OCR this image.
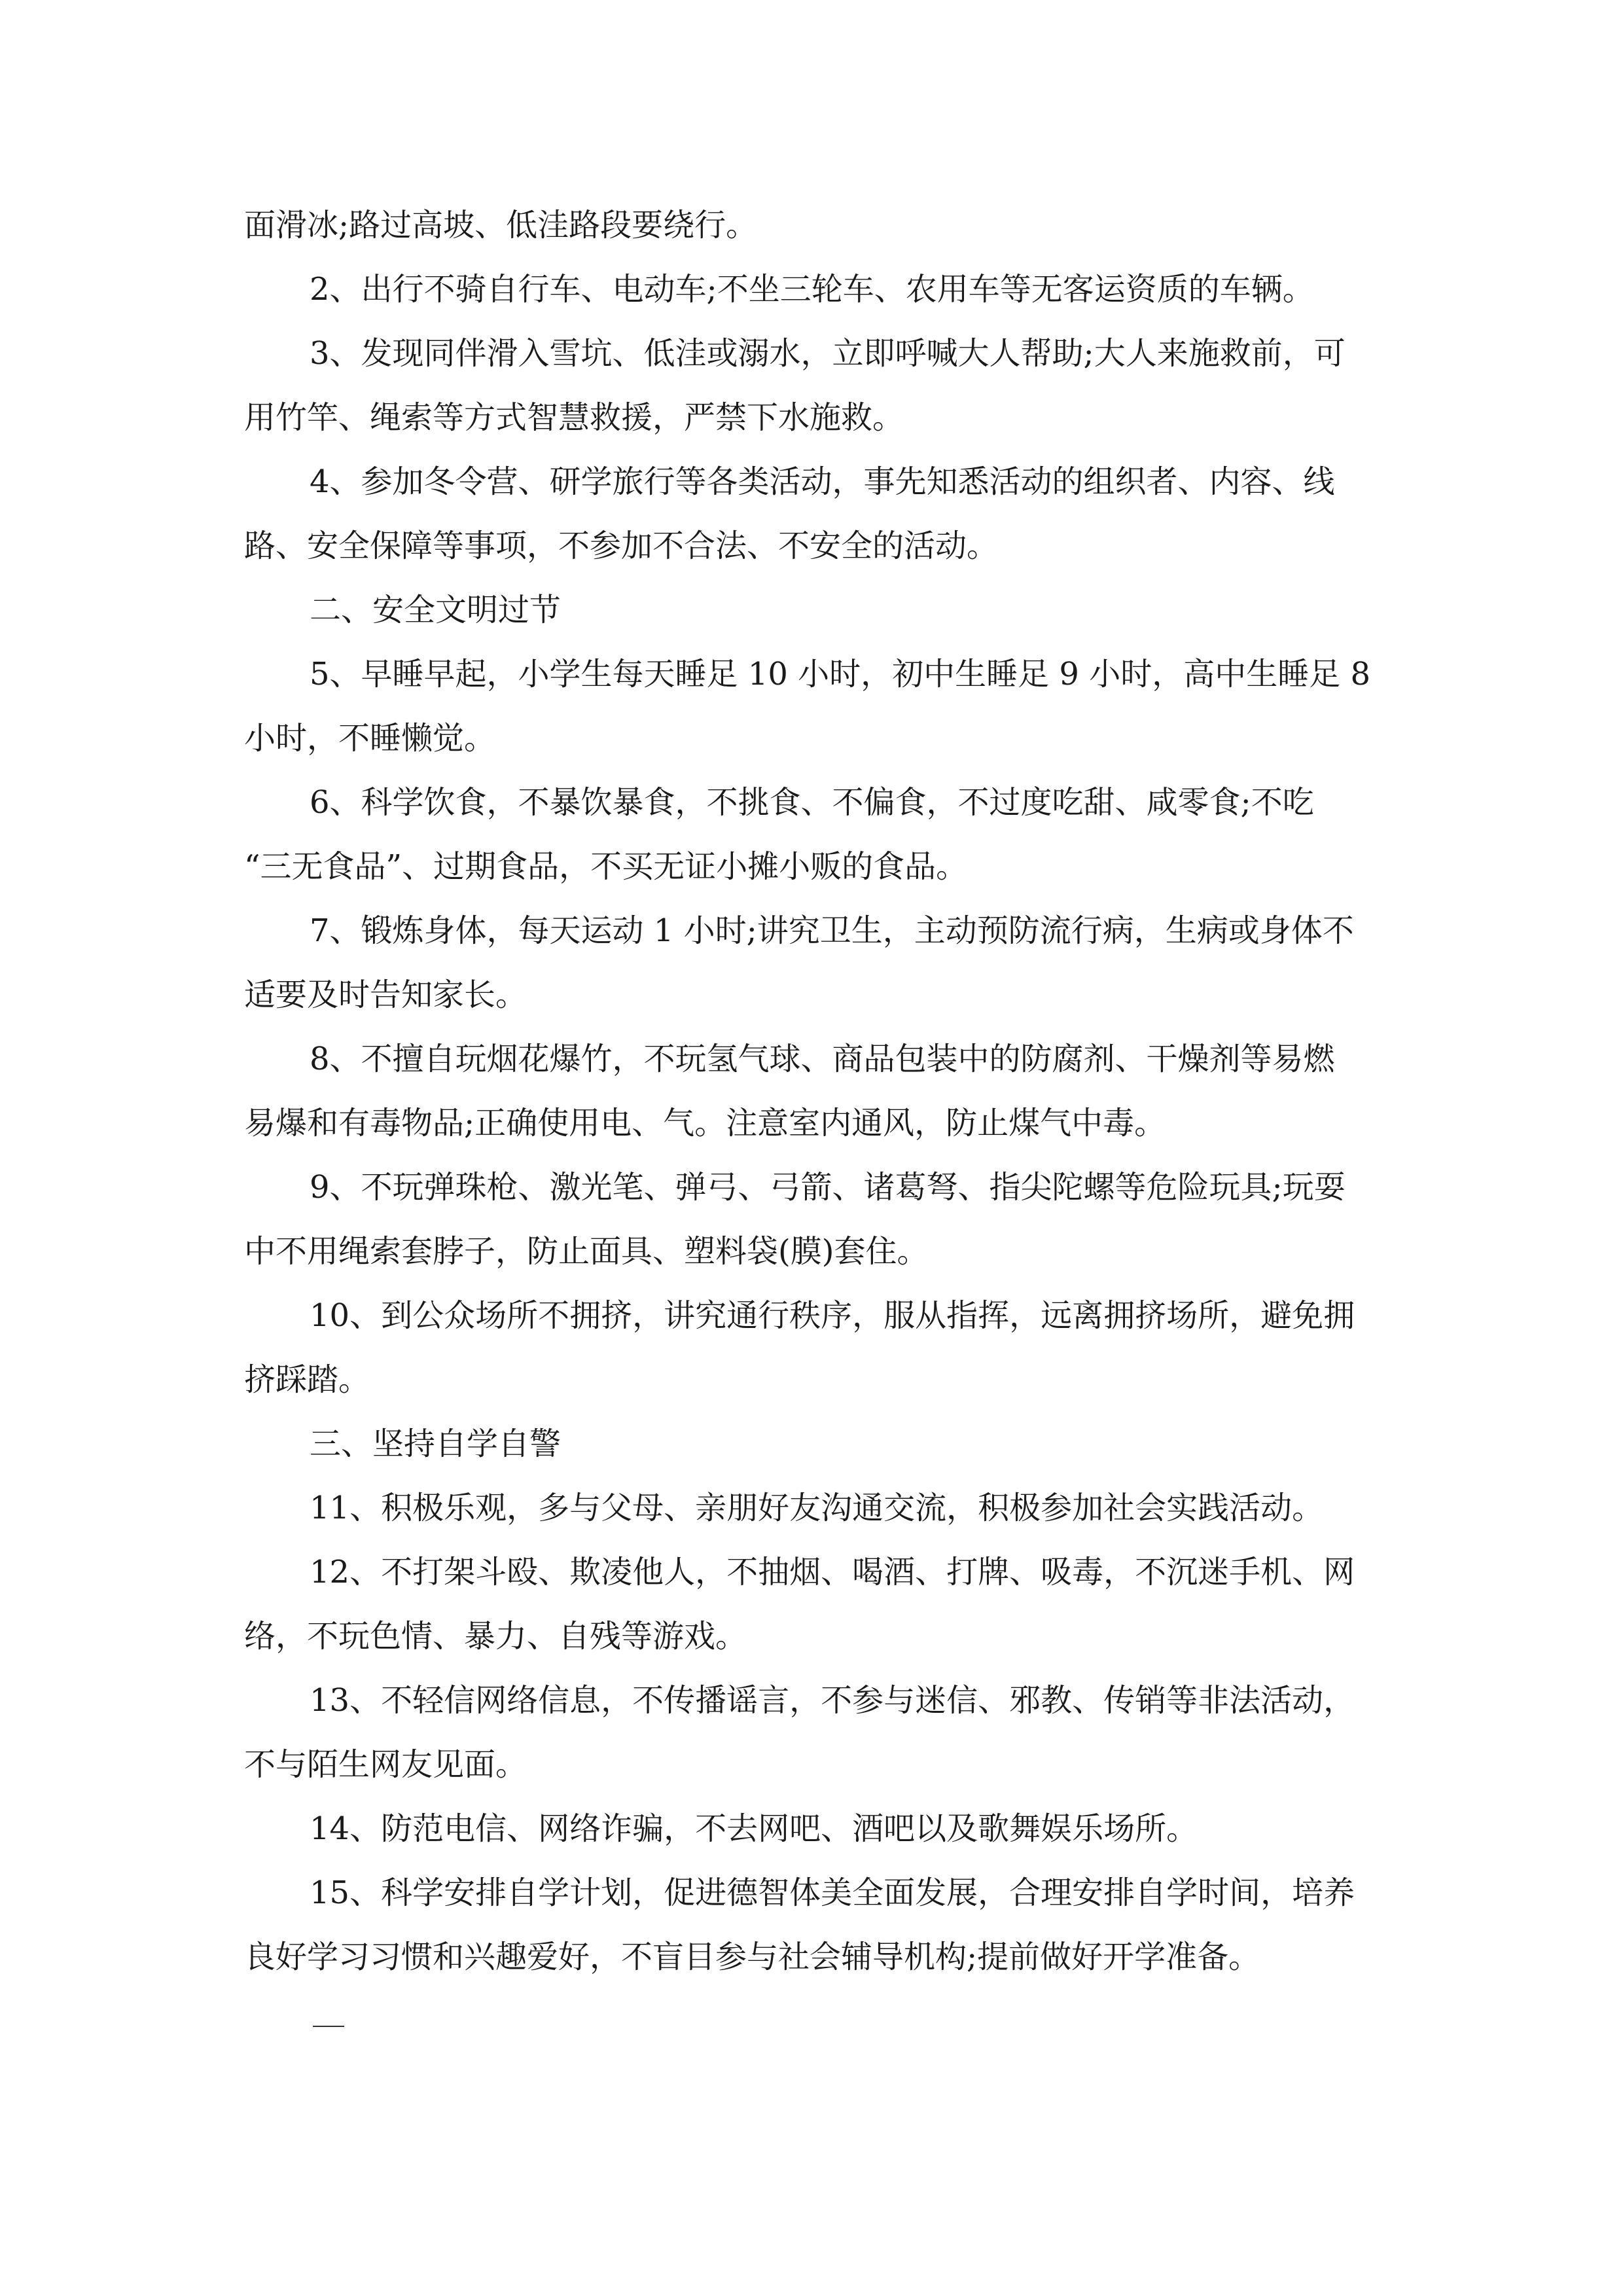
面滑冰;路过高坡、低洼路段要绕行。
2、出行不骑自行车、电动车;不坐三轮车、农用车等无客运资质的车辆。
3、发现同伴滑入雪坑、低洼或溺水，立即呼喊大人帮助;大人来施救前，可
用竹竿、绳索等方式智慧救援，严禁下水施救。
4、参加冬令营、研学旅行等各类活动，事先知悉活动的组织者、内容、线
路、安全保障等事项，不参加不合法、不安全的活动。
二、安全文明过节
5、早睡早起，小学生每天睡足 10 小时，初中生睡足 9 小时，高中生睡足 8
小时，不睡懒觉。
6、科学饮食，不暴饮暴食，不挑食、不偏食，不过度吃甜、咸零食;不吃
“三无食品”、过期食品，不买无证小摊小贩的食品。
7、锻炼身体，每天运动 1 小时;讲究卫生，主动预防流行病，生病或身体不
适要及时告知家长。
8、不擅自玩烟花爆竹，不玩氢气球、商品包装中的防腐剂、干燥剂等易燃
易爆和有毒物品;正确使用电、气。注意室内通风，防止煤气中毒。
9、不玩弹珠枪、激光笔、弹弓、弓箭、诸葛弩、指尖陀螺等危险玩具;玩耍
中不用绳索套脖子，防止面具、塑料袋(膜)套住。
10、到公众场所不拥挤，讲究通行秩序，服从指挥，远离拥挤场所，避免拥
挤踩踏。
三、坚持自学自警
11、积极乐观，多与父母、亲朋好友沟通交流，积极参加社会实践活动。
12、不打架斗殴、欺凌他人，不抽烟、喝酒、打牌、吸毒，不沉迷手机、网
络，不玩色情、暴力、自残等游戏。
13、不轻信网络信息，不传播谣言，不参与迷信、邪教、传销等非法活动，
不与陌生网友见面。
14、防范电信、网络诈骗，不去网吧、酒吧以及歌舞娱乐场所。
15、科学安排自学计划，促进德智体美全面发展，合理安排自学时间，培养
良好学习习惯和兴趣爱好，不盲目参与社会辅导机构;提前做好开学准备。
